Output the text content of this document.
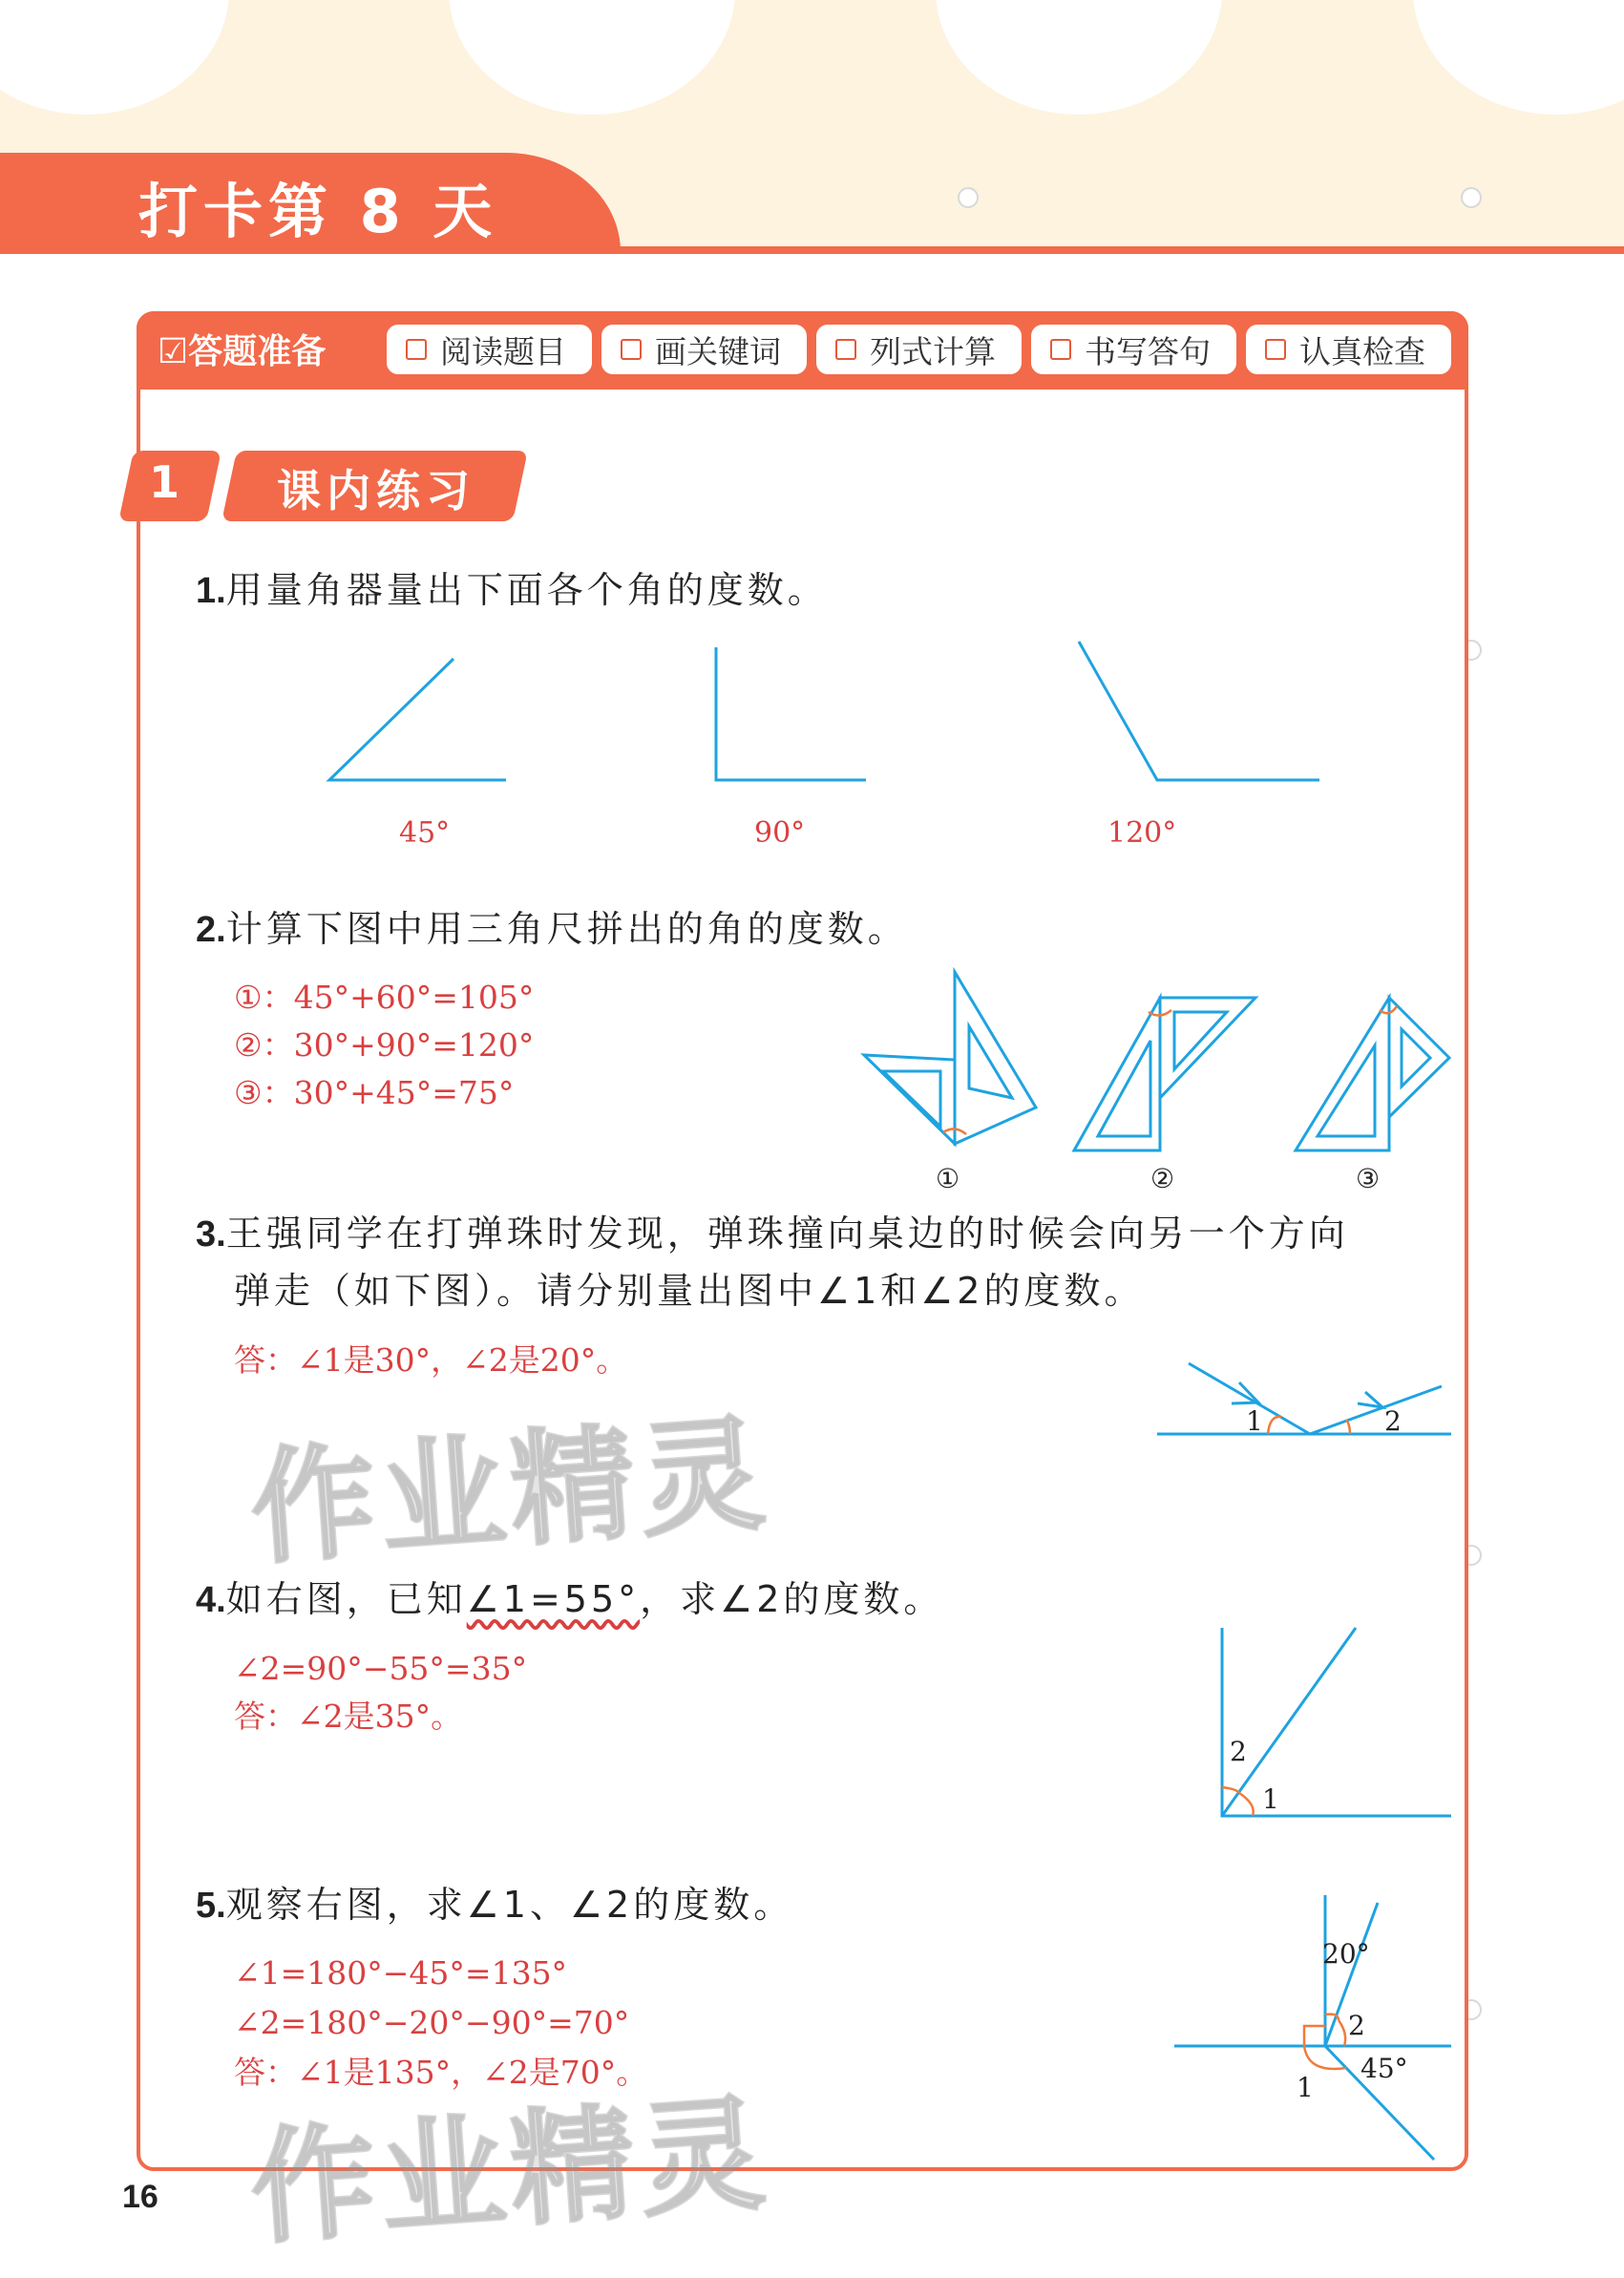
打卡第 8 天
☑答题准备	阅读题目	画关键词	列式计算	书写答句	认真检查
1 课内练习
1.用量角器量出下面各个角的度数。
45°	90°	120°
2.计算下图中用三角尺拼出的角的度数。
①：45°+60°=105°
②：30°+90°=120°
③：30°+45°=75°
①	②	③
3.王强同学在打弹珠时发现，弹珠撞向桌边的时候会向另一个方向
弹走（如下图）。请分别量出图中∠1和∠2的度数。
答：∠1是30°，∠2是20°。
1	2
4.如右图，已知∠1=55°，求∠2的度数。
∠2=90°−55°=35°
答：∠2是35°。
2
1
5.观察右图，求∠1、∠2的度数。
∠1=180°−45°=135°
∠2=180°−20°−90°=70°
答：∠1是135°，∠2是70°。
20°
2
1
45°
作业精灵
作业精灵
16
